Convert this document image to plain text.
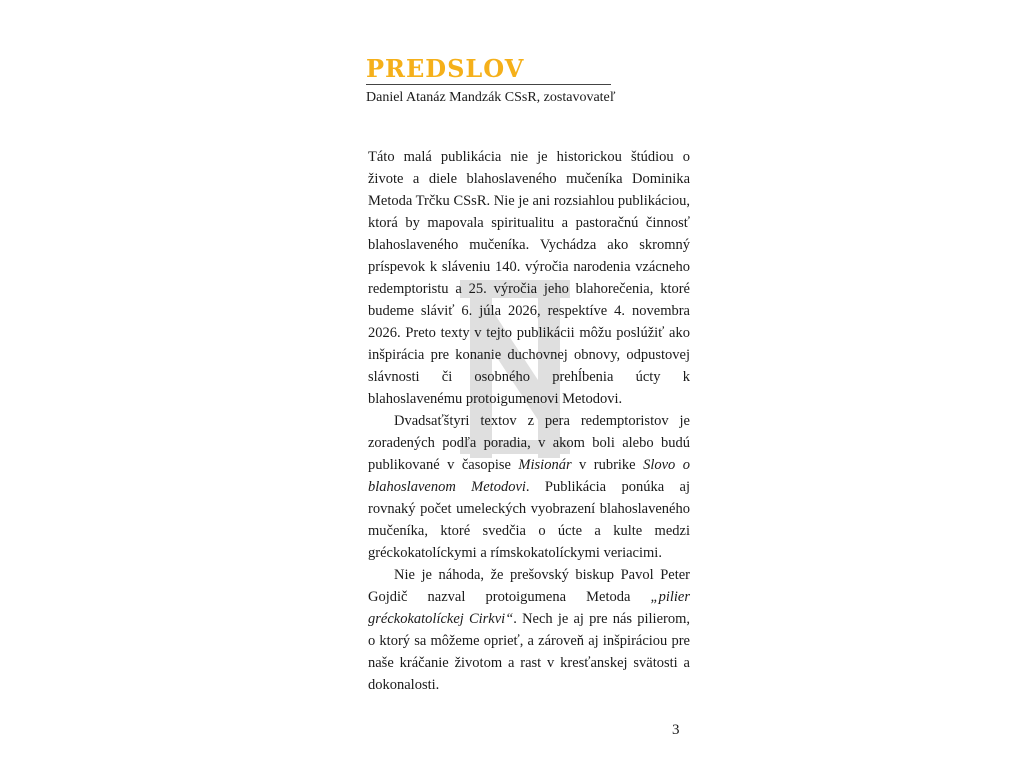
PREDSLOV
Daniel Atanáz Mandzák CSsR, zostavovateľ

Táto malá publikácia nie je historickou štúdiou o živote a diele blahoslaveného mučeníka Dominika Metoda Trčku CSsR. Nie je ani rozsiahlou publikáciou, ktorá by mapovala spiritualitu a pastoračnú činnosť blahoslaveného mučeníka. Vychádza ako skromný príspevok k sláveniu 140. výročia narodenia vzácneho redemptoristu a 25. výročia jeho blahorečenia, ktoré budeme sláviť 6. júla 2026, respektíve 4. novembra 2026. Preto texty v tejto publikácii môžu poslúžiť ako inšpirácia pre konanie duchovnej obnovy, odpustovej slávnosti či osobného prehĺbenia úcty k blahoslavenému protoigumenovi Metodovi.

Dvadsaťštyri textov z pera redemptoristov je zoradených podľa poradia, v akom boli alebo budú publikované v časopise Misionár v rubrike Slovo o blahoslavenom Metodovi. Publikácia ponúka aj rovnaký počet umeleckých vyobrazení blahoslaveného mučeníka, ktoré svedčia o úcte a kulte medzi gréckokatolíckymi a rímskokatolíckymi veriacimi.

Nie je náhoda, že prešovský biskup Pavol Peter Gojdič nazval protoigumena Metoda „pilier gréckokatolíckej Cirkvi“. Nech je aj pre nás pilierom, o ktorý sa môžeme oprieť, a zároveň aj inšpiráciou pre naše kráčanie životom a rast v kresťanskej svätosti a dokonalosti.

3
